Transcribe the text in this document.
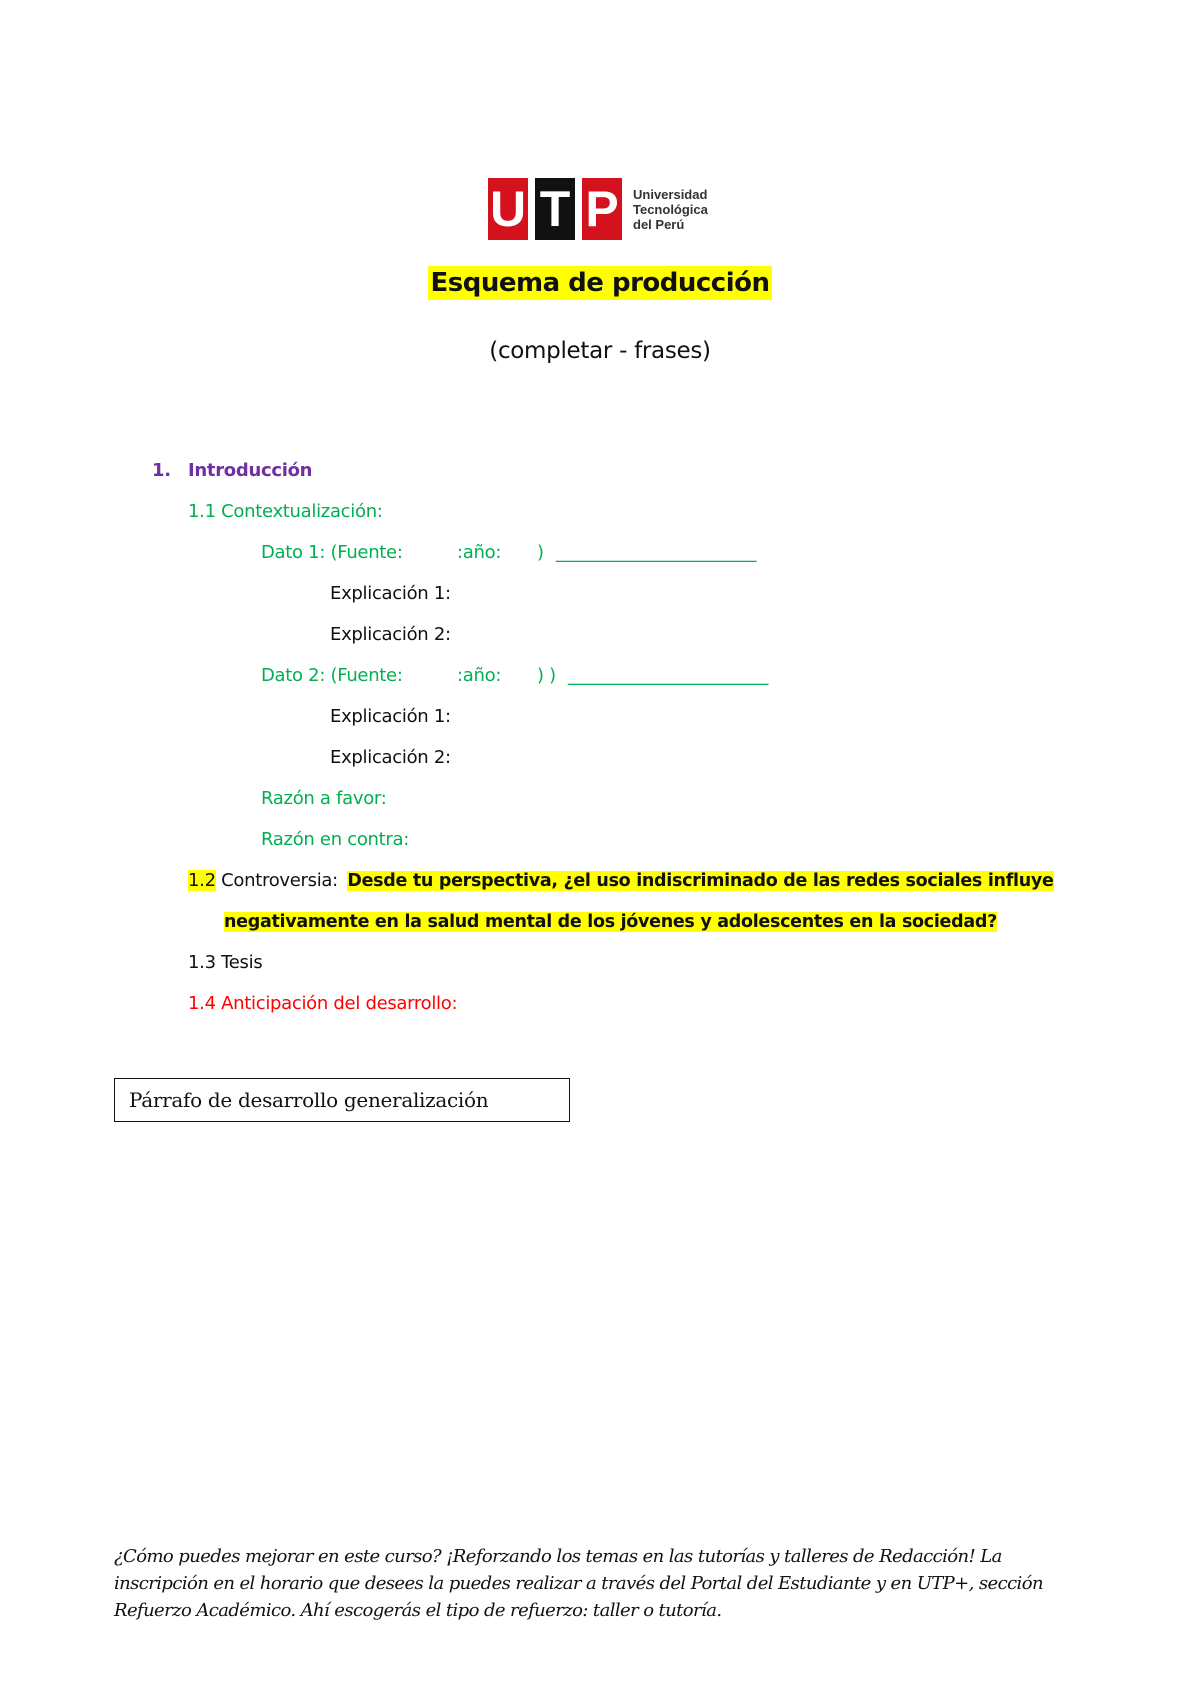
U T P Universidad
Tecnológica
del Perú
Esquema de producción
(completar - frases)
1. Introducción
1.1 Contextualización:
Dato 1: (Fuente:	:año: ) _______________________
Explicación 1:
Explicación 2:
Dato 2: (Fuente:	:año: ) ) _______________________
Explicación 1:
Explicación 2:
Razón a favor:
Razón en contra:
1.2 Controversia: Desde tu perspectiva, ¿el uso indiscriminado de las redes sociales influye
negativamente en la salud mental de los jóvenes y adolescentes en la sociedad?
1.3 Tesis
1.4 Anticipación del desarrollo:
Párrafo de desarrollo generalización
¿Cómo puedes mejorar en este curso? ¡Reforzando los temas en las tutorías y talleres de Redacción! La
inscripción en el horario que desees la puedes realizar a través del Portal del Estudiante y en UTP+, sección
Refuerzo Académico. Ahí escogerás el tipo de refuerzo: taller o tutoría.
